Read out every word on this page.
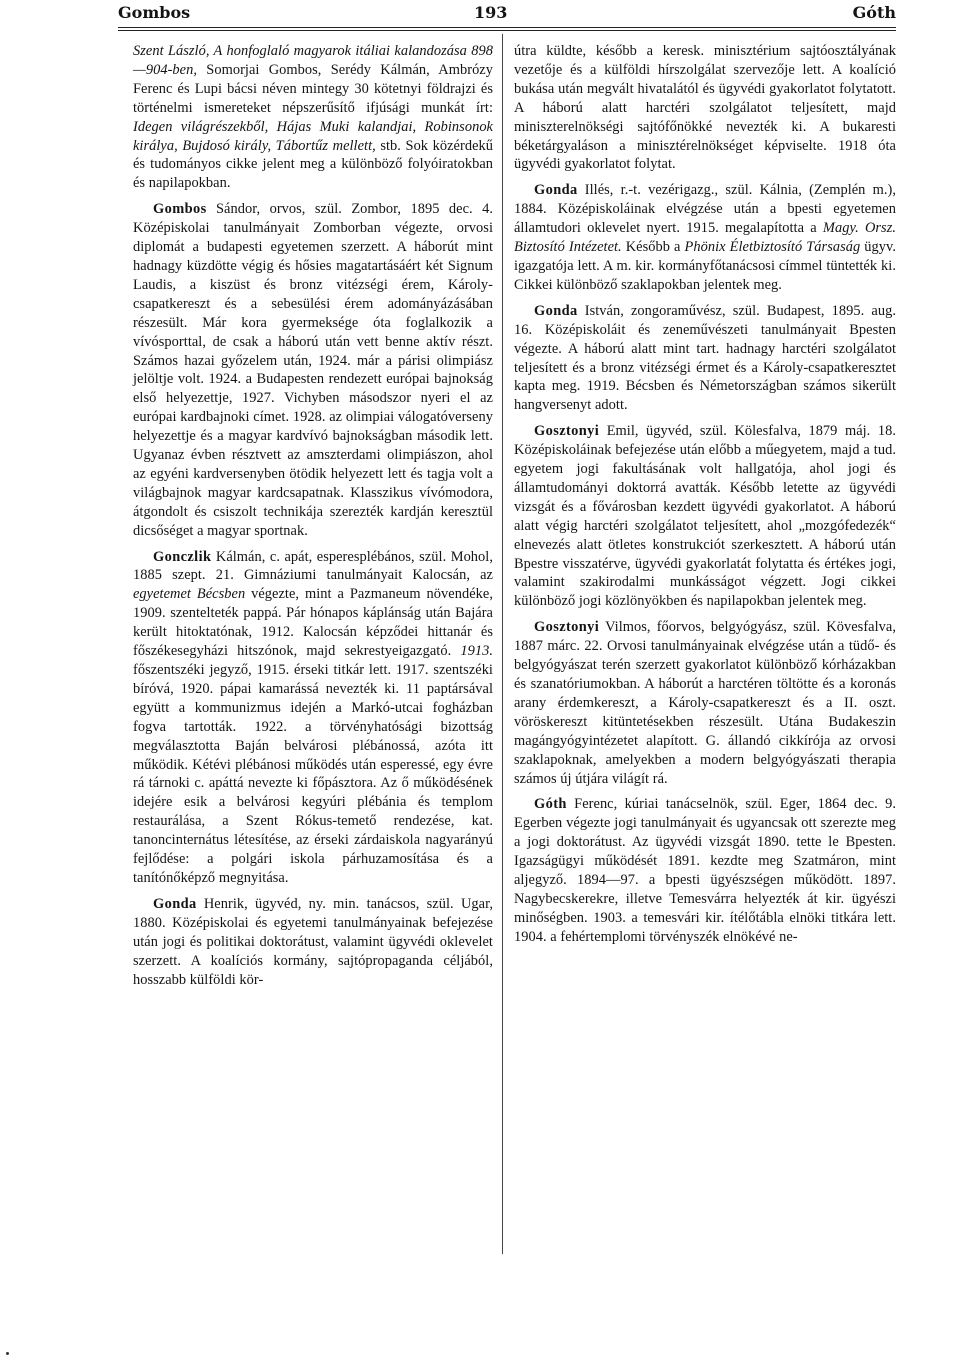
Gombos	193	Góth

Szent László, A honfoglaló magyarok itáliai kalandozása 898—904-ben, Somorjai Gombos, Serédy Kálmán, Ambrózy Ferenc és Lupi bácsi néven mintegy 30 kötetnyi földrajzi és történelmi ismereteket népszerűsítő ifjúsági munkát írt: Idegen világrészekből, Hájas Muki kalandjai, Robinsonok királya, Bujdosó király, Tábortűz mellett, stb. Sok közérdekű és tudományos cikke jelent meg a különböző folyóiratokban és napilapokban.

Gombos Sándor, orvos, szül. Zombor, 1895 dec. 4. Középiskolai tanulmányait Zomborban végezte, orvosi diplomát a budapesti egyetemen szerzett. A háborút mint hadnagy küzdötte végig és hősies magatartásáért két Signum Laudis, a kiszüst és bronz vitézségi érem, Károly-csapatkereszt és a sebesülési érem adományázásában részesült. Már kora gyermeksége óta foglalkozik a vívósporttal, de csak a háború után vett benne aktív részt. Számos hazai győzelem után, 1924. már a párisi olimpiász jelöltje volt. 1924. a Budapesten rendezett európai bajnokság első helyezettje, 1927. Vichyben másodszor nyeri el az európai kardbajnoki címet. 1928. az olimpiai válogatóverseny helyezettje és a magyar kardvívó bajnokságban második lett. Ugyanaz évben résztvett az amszterdami olimpiászon, ahol az egyéni kardversenyben ötödik helyezett lett és tagja volt a világbajnok magyar kardcsapatnak. Klasszikus vívómodora, átgondolt és csiszolt technikája szerezték kardján keresztül dicsőséget a magyar sportnak.

Gonczlik Kálmán, c. apát, esperesplébános, szül. Mohol, 1885 szept. 21. Gimnáziumi tanulmányait Kalocsán, az egyetemet Bécsben végezte, mint a Pazmaneum növendéke, 1909. szentelteték pappá. Pár hónapos káplánság után Bajára került hitoktatónak, 1912. Kalocsán képződei hittanár és főszékesegyházi hitszónok, majd sekrestyeigazgató. 1913. főszentszéki jegyző, 1915. érseki titkár lett. 1917. szentszéki bíróvá, 1920. pápai kamarássá nevezték ki. 11 paptársával együtt a kommunizmus idején a Markó-utcai fogházban fogva tartották. 1922. a törvényhatósági bizottság megválasztotta Baján belvárosi plébánossá, azóta itt működik. Kétévi plébánosi működés után esperessé, egy évre rá tárnoki c. apáttá nevezte ki főpásztora. Az ő működésének idejére esik a belvárosi kegyúri plébánia és templom restaurálása, a Szent Rókus-temető rendezése, kat. tanoncinternátus létesítése, az érseki zárdaiskola nagyarányú fejlődése: a polgári iskola párhuzamosítása és a tanítónőképző megnyitása.

Gonda Henrik, ügyvéd, ny. min. tanácsos, szül. Ugar, 1880. Középiskolai és egyetemi tanulmányainak befejezése után jogi és politikai doktorátust, valamint ügyvédi oklevelet szerzett. A koalíciós kormány, sajtópropaganda céljából, hosszabb külföldi kör-

útra küldte, később a keresk. minisztérium sajtóosztályának vezetője és a külföldi hírszolgálat szervezője lett. A koalíció bukása után megvált hivatalától és ügyvédi gyakorlatot folytatott. A háború alatt harctéri szolgálatot teljesített, majd miniszterelnökségi sajtófőnökké nevezték ki. A bukaresti béketárgyaláson a minisztérelnökséget képviselte. 1918 óta ügyvédi gyakorlatot folytat.

Gonda Illés, r.-t. vezérigazg., szül. Kálnia, (Zemplén m.), 1884. Középiskoláinak elvégzése után a bpesti egyetemen államtudori oklevelet nyert. 1915. megalapította a Magy. Orsz. Biztosító Intézetet. Később a Phönix Életbiztosító Társaság ügyv. igazgatója lett. A m. kir. kormányfőtanácsosi címmel tüntették ki. Cikkei különböző szaklapokban jelentek meg.

Gonda István, zongoraművész, szül. Budapest, 1895. aug. 16. Középiskoláit és zeneművészeti tanulmányait Bpesten végezte. A háború alatt mint tart. hadnagy harctéri szolgálatot teljesített és a bronz vitézségi érmet és a Károly-csapatkeresztet kapta meg. 1919. Bécsben és Németországban számos sikerült hangversenyt adott.

Gosztonyi Emil, ügyvéd, szül. Kölesfalva, 1879 máj. 18. Középiskoláinak befejezése után előbb a műegyetem, majd a tud. egyetem jogi fakultásának volt hallgatója, ahol jogi és államtudományi doktorrá avatták. Később letette az ügyvédi vizsgát és a fővárosban kezdett ügyvédi gyakorlatot. A háború alatt végig harctéri szolgálatot teljesített, ahol „mozgófedezék“ elnevezés alatt ötletes konstrukciót szerkesztett. A háború után Bpestre visszatérve, ügyvédi gyakorlatát folytatta és értékes jogi, valamint szakirodalmi munkásságot végzett. Jogi cikkei különböző jogi közlönyökben és napilapokban jelentek meg.

Gosztonyi Vilmos, főorvos, belgyógyász, szül. Kövesfalva, 1887 márc. 22. Orvosi tanulmányainak elvégzése után a tüdő- és belgyógyászat terén szerzett gyakorlatot különböző kórházakban és szanatóriumokban. A háborút a harctéren töltötte és a koronás arany érdemkereszt, a Károly-csapatkereszt és a II. oszt. vöröskereszt kitüntetésekben részesült. Utána Budakeszin magángyógyintézetet alapított. G. állandó cikkírója az orvosi szaklapoknak, amelyekben a modern belgyógyászati therapia számos új útjára világít rá.

Góth Ferenc, kúriai tanácselnök, szül. Eger, 1864 dec. 9. Egerben végezte jogi tanulmányait és ugyancsak ott szerezte meg a jogi doktorátust. Az ügyvédi vizsgát 1890. tette le Bpesten. Igazságügyi működését 1891. kezdte meg Szatmáron, mint aljegyző. 1894—97. a bpesti ügyészségen működött. 1897. Nagybecskerekre, illetve Temesvárra helyezték át kir. ügyészi minőségben. 1903. a temesvári kir. ítélőtábla elnöki titkára lett. 1904. a fehértemplomi törvényszék elnökévé ne-
